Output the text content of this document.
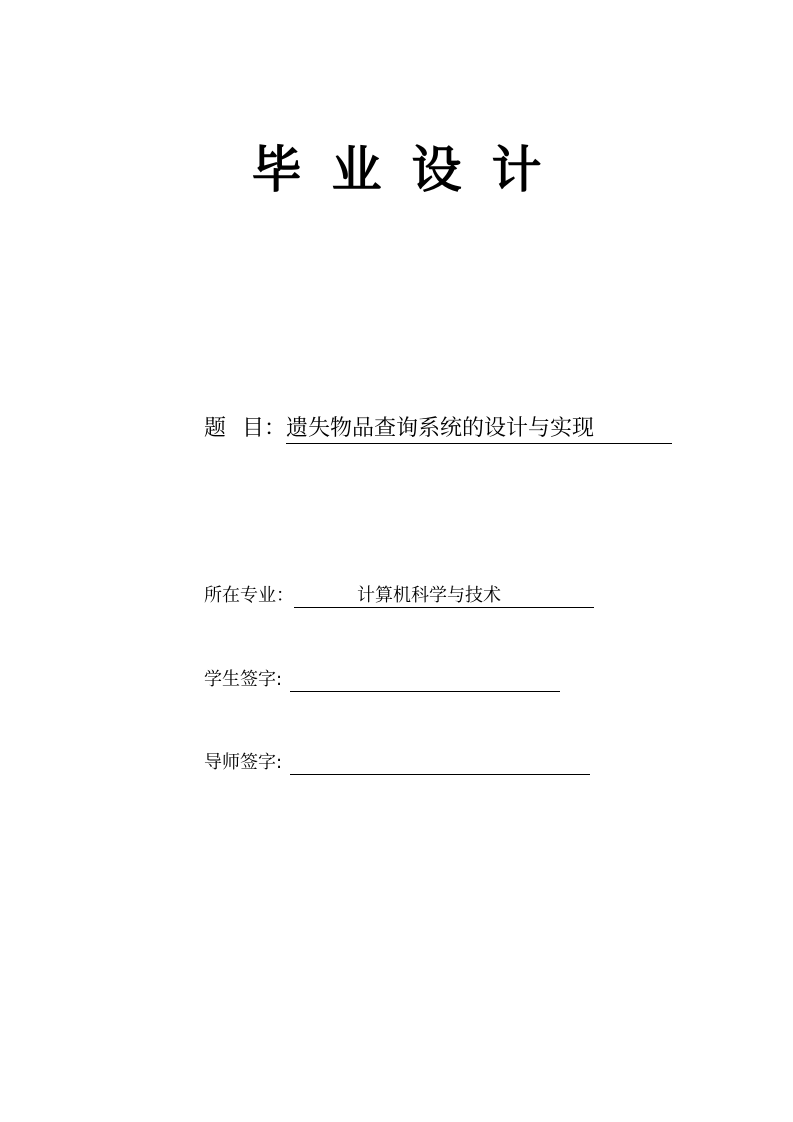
毕业设计
题 目： 遗失物品查询系统的设计与实现
所在专业：	计算机科学与技术
学生签字:
导师签字:
